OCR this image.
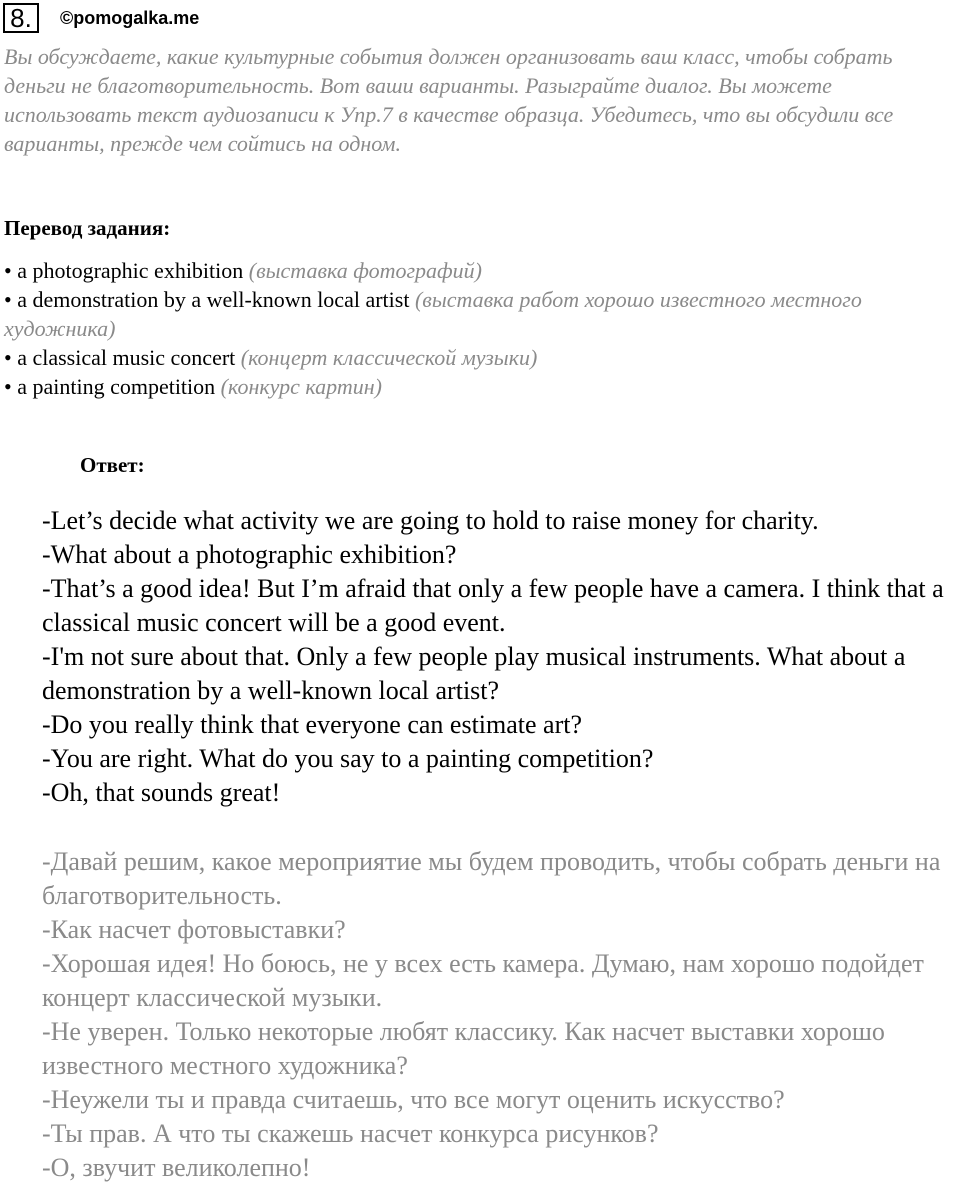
8.	©pomogalka.me

Вы обсуждаете, какие культурные события должен организовать ваш класс, чтобы собрать деньги не благотворительность. Вот ваши варианты. Разыграйте диалог. Вы можете использовать текст аудиозаписи к Упр.7 в качестве образца. Убедитесь, что вы обсудили все варианты, прежде чем сойтись на одном.

Перевод задания:

• a photographic exhibition (выставка фотографий)
• a demonstration by a well-known local artist (выставка работ хорошо известного местного художника)
• a classical music concert (концерт классической музыки)
• a painting competition (конкурс картин)

Ответ:

-Let’s decide what activity we are going to hold to raise money for charity.

-What about a photographic exhibition?

-That’s a good idea! But I’m afraid that only a few people have a camera. I think that a classical music concert will be a good event.

-I'm not sure about that. Only a few people play musical instruments. What about a demonstration by a well-known local artist?

-Do you really think that everyone can estimate art?

-You are right. What do you say to a painting competition?

-Oh, that sounds great!

-Давай решим, какое мероприятие мы будем проводить, чтобы собрать деньги на благотворительность.

-Как насчет фотовыставки?

-Хорошая идея! Но боюсь, не у всех есть камера. Думаю, нам хорошо подойдет концерт классической музыки.

-Не уверен. Только некоторые любят классику. Как насчет выставки хорошо известного местного художника?

-Неужели ты и правда считаешь, что все могут оценить искусство?

-Ты прав. А что ты скажешь насчет конкурса рисунков?

-О, звучит великолепно!
